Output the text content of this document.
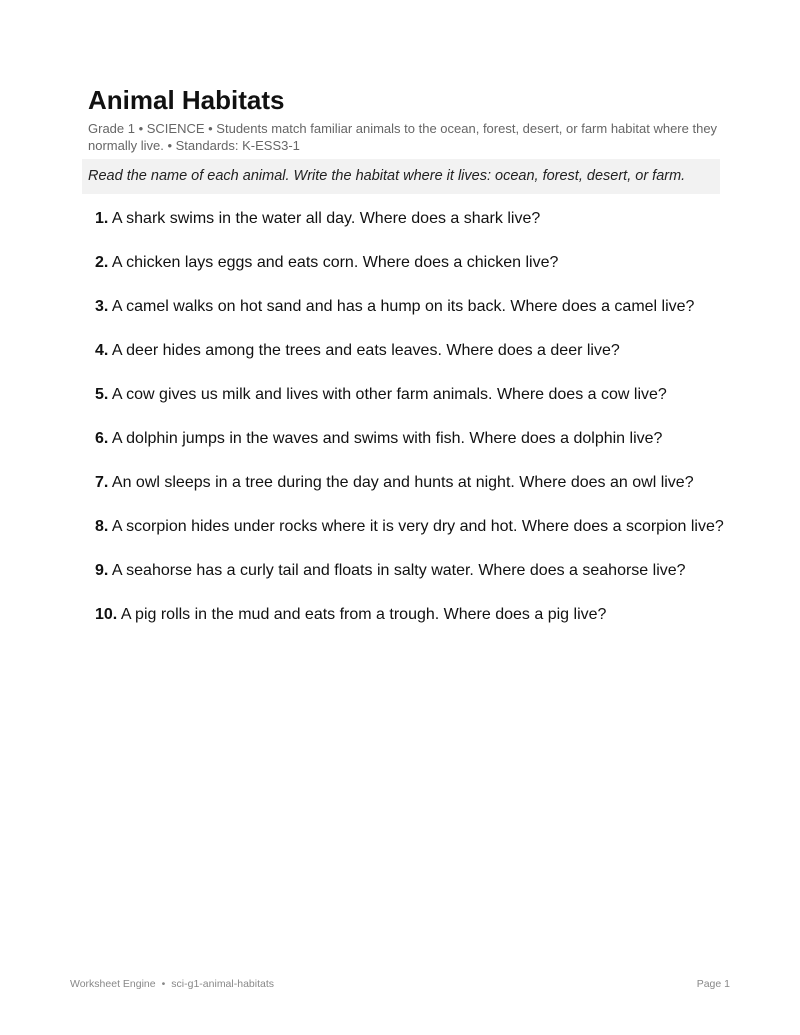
Animal Habitats
Grade 1 • SCIENCE • Students match familiar animals to the ocean, forest, desert, or farm habitat where they normally live. • Standards: K-ESS3-1
Read the name of each animal. Write the habitat where it lives: ocean, forest, desert, or farm.
1. A shark swims in the water all day. Where does a shark live?
2. A chicken lays eggs and eats corn. Where does a chicken live?
3. A camel walks on hot sand and has a hump on its back. Where does a camel live?
4. A deer hides among the trees and eats leaves. Where does a deer live?
5. A cow gives us milk and lives with other farm animals. Where does a cow live?
6. A dolphin jumps in the waves and swims with fish. Where does a dolphin live?
7. An owl sleeps in a tree during the day and hunts at night. Where does an owl live?
8. A scorpion hides under rocks where it is very dry and hot. Where does a scorpion live?
9. A seahorse has a curly tail and floats in salty water. Where does a seahorse live?
10. A pig rolls in the mud and eats from a trough. Where does a pig live?
Worksheet Engine • sci-g1-animal-habitats	Page 1
